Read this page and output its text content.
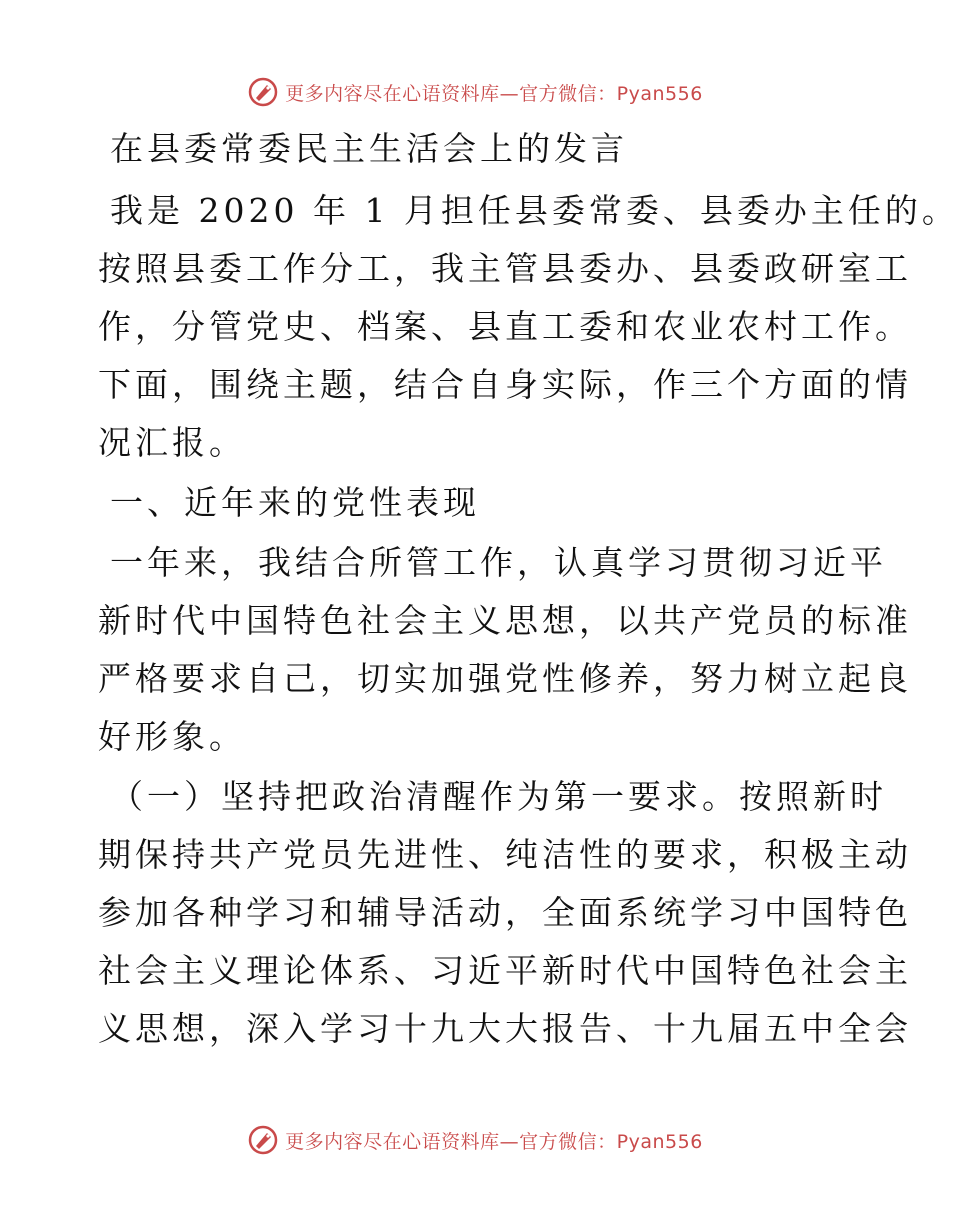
更多内容尽在心语资料库—官方微信：Pyan556
在县委常委民主生活会上的发言
我是 2020 年 1 月担任县委常委、县委办主任的。
按照县委工作分工，我主管县委办、县委政研室工
作，分管党史、档案、县直工委和农业农村工作。
下面，围绕主题，结合自身实际，作三个方面的情
况汇报。
一、近年来的党性表现
一年来，我结合所管工作，认真学习贯彻习近平
新时代中国特色社会主义思想，以共产党员的标准
严格要求自己，切实加强党性修养，努力树立起良
好形象。
（一）坚持把政治清醒作为第一要求。按照新时
期保持共产党员先进性、纯洁性的要求，积极主动
参加各种学习和辅导活动，全面系统学习中国特色
社会主义理论体系、习近平新时代中国特色社会主
义思想，深入学习十九大大报告、十九届五中全会
更多内容尽在心语资料库—官方微信：Pyan556
